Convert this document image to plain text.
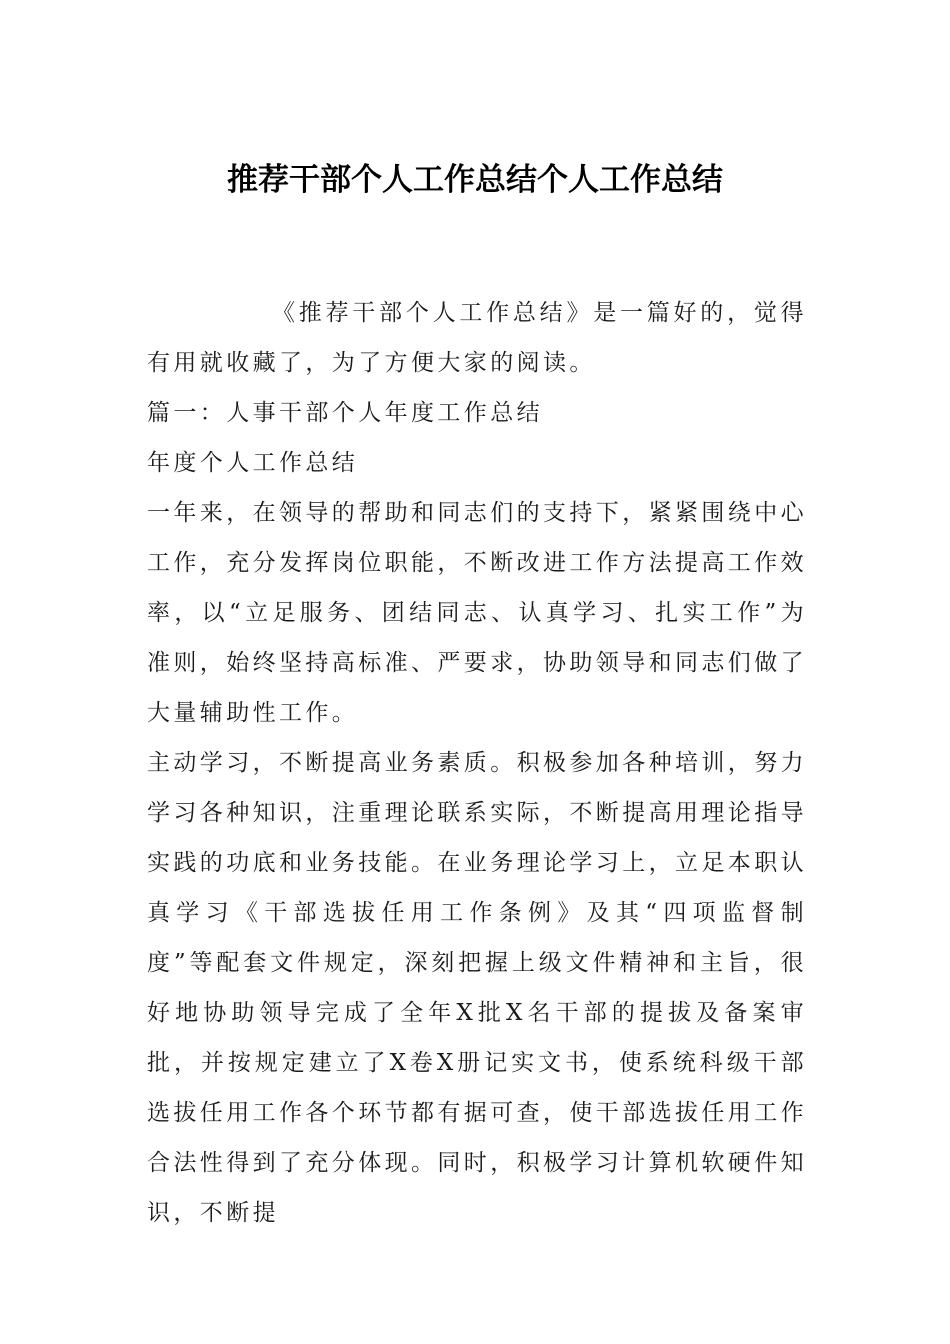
推荐干部个人工作总结个人工作总结

《推荐干部个人工作总结》是一篇好的，觉得有用就收藏了，为了方便大家的阅读。

篇一：人事干部个人年度工作总结

年度个人工作总结

一年来，在领导的帮助和同志们的支持下，紧紧围绕中心工作，充分发挥岗位职能，不断改进工作方法提高工作效率，以“立足服务、团结同志、认真学习、扎实工作”为准则，始终坚持高标准、严要求，协助领导和同志们做了大量辅助性工作。

主动学习，不断提高业务素质。积极参加各种培训，努力学习各种知识，注重理论联系实际，不断提高用理论指导实践的功底和业务技能。在业务理论学习上，立足本职认真学习《干部选拔任用工作条例》及其“四项监督制度”等配套文件规定，深刻把握上级文件精神和主旨，很好地协助领导完成了全年X批X名干部的提拔及备案审批，并按规定建立了X卷X册记实文书，使系统科级干部选拔任用工作各个环节都有据可查，使干部选拔任用工作合法性得到了充分体现。同时，积极学习计算机软硬件知识，不断提
